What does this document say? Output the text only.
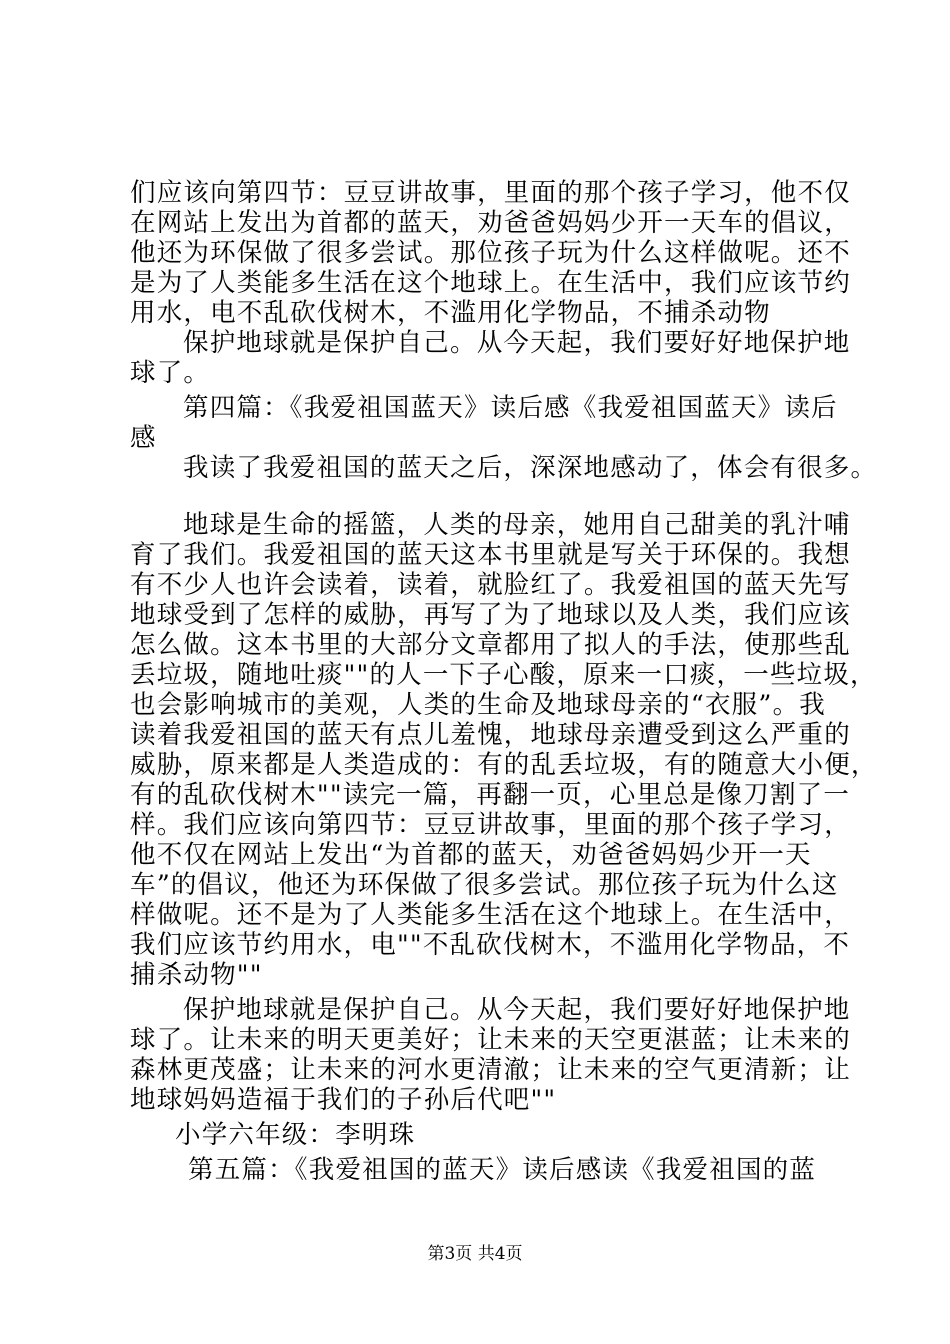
们应该向第四节：豆豆讲故事，里面的那个孩子学习，他不仅
在网站上发出为首都的蓝天，劝爸爸妈妈少开一天车的倡议，
他还为环保做了很多尝试。那位孩子玩为什么这样做呢。还不
是为了人类能多生活在这个地球上。在生活中，我们应该节约
用水，电不乱砍伐树木，不滥用化学物品，不捕杀动物
保护地球就是保护自己。从今天起，我们要好好地保护地
球了。
第四篇：《我爱祖国蓝天》读后感《我爱祖国蓝天》读后
感
我读了我爱祖国的蓝天之后，深深地感动了，体会有很多。
地球是生命的摇篮，人类的母亲，她用自己甜美的乳汁哺
育了我们。我爱祖国的蓝天这本书里就是写关于环保的。我想
有不少人也许会读着，读着，就脸红了。我爱祖国的蓝天先写
地球受到了怎样的威胁，再写了为了地球以及人类，我们应该
怎么做。这本书里的大部分文章都用了拟人的手法，使那些乱
丢垃圾，随地吐痰""的人一下子心酸，原来一口痰，一些垃圾，
也会影响城市的美观，人类的生命及地球母亲的“衣服”。我
读着我爱祖国的蓝天有点儿羞愧，地球母亲遭受到这么严重的
威胁，原来都是人类造成的：有的乱丢垃圾，有的随意大小便，
有的乱砍伐树木""读完一篇，再翻一页，心里总是像刀割了一
样。我们应该向第四节：豆豆讲故事，里面的那个孩子学习，
他不仅在网站上发出“为首都的蓝天，劝爸爸妈妈少开一天
车”的倡议，他还为环保做了很多尝试。那位孩子玩为什么这
样做呢。还不是为了人类能多生活在这个地球上。在生活中，
我们应该节约用水，电""不乱砍伐树木，不滥用化学物品，不
捕杀动物""
保护地球就是保护自己。从今天起，我们要好好地保护地
球了。让未来的明天更美好；让未来的天空更湛蓝；让未来的
森林更茂盛；让未来的河水更清澈；让未来的空气更清新；让
地球妈妈造福于我们的子孙后代吧""
小学六年级：李明珠
第五篇：《我爱祖国的蓝天》读后感读《我爱祖国的蓝
第3页 共4页
